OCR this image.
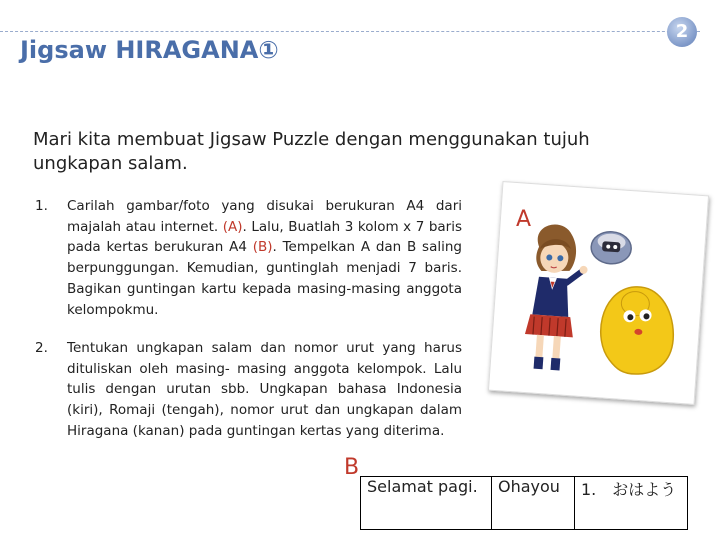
2
Jigsaw HIRAGANA①
Mari kita membuat Jigsaw Puzzle dengan menggunakan tujuh ungkapan salam.
1. Carilah gambar/foto yang disukai berukuran A4 dari majalah atau internet. (A). Lalu, Buatlah 3 kolom x 7 baris pada kertas berukuran A4 (B). Tempelkan A dan B saling berpunggungan. Kemudian, guntinglah menjadi 7 baris. Bagikan guntingan kartu kepada masing-masing anggota kelompokmu.
2. Tentukan ungkapan salam dan nomor urut yang harus dituliskan oleh masing- masing anggota kelompok. Lalu tulis dengan urutan sbb. Ungkapan bahasa Indonesia (kiri), Romaji (tengah), nomor urut dan ungkapan dalam Hiragana (kanan) pada guntingan kertas yang diterima.
A
B
Selamat pagi.	Ohayou	1.　おはよう
